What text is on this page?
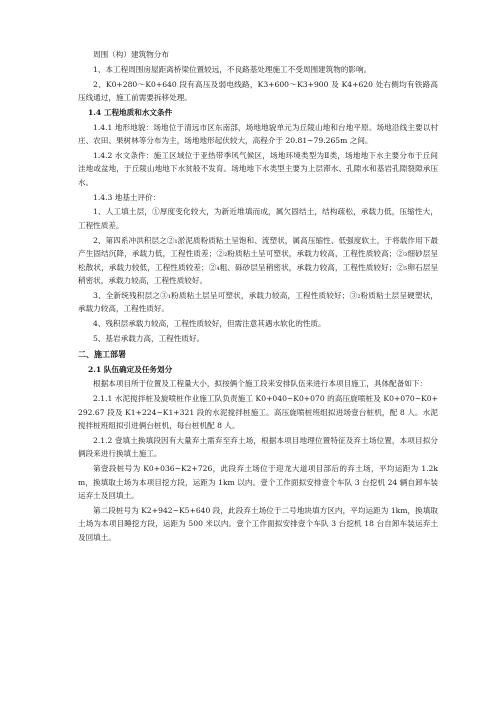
周围（构）建筑物分布

1、本工程周围房屋距离桥梁位置较远，不良路基处理施工不受周围建筑物的影响。

2、K0+280～K0+640 段有高压及弱电线路，K3+600～K3+900 及 K4+620 处右侧均有铁路高压线通过，施工前需要拆移处理。

1.4 工程地质和水文条件

1.4.1 地形地貌：场地位于清远市区东南部，场地地貌单元为丘陵山地和台地平原。场地沿线主要以村庄、农田、果树林等分布为主，场地地形起伏较大，高程介于 20.81~79.265m 之间。

1.4.2 水文条件：施工区域位于亚热带季风气候区，场地环境类型为Ⅱ类，场地地下水主要分布于丘间洼地或盆地，于丘陵山地地下水贫般不发育。场地地下水类型主要为上层滞水、孔隙水和基岩孔隙裂隙承压水。

1.4.3 地基土评价：

1、人工填土层，①厚度变化较大，为新近堆填而成，属欠固结土，结构疏松，承载力低，压缩性大，工程性质差。

2、第四系冲洪积层之②₁淤泥质粉质粘土呈饱和、流塑状，属高压缩性、低强度软土，于将载作用下最产生固结沉降，承载力低，工程性质差；②₂粉质粘土呈可塑状，承载力较高，工程性质较高；②₃细砂层呈松散状，承载力较低，工程性质较差；②₄粗、砾砂层呈稍密状，承载力较高，工程性质较好；②₅卵石层呈稍密状，承载力较高，工程性质较好。

3、全新统残积层之③₁粉质粘土层呈可塑状，承载力较高，工程性质较好；③₂粉质粘土层呈硬塑状，承载力较高，工程性质好。

4、残积层承载力较高，工程性质较好，但需注意其遇水软化的性质。

5、基岩承载力高，工程性质好。

二、施工部署

2.1 队伍确定及任务划分

根据本项目所于位置及工程量大小，拟按俩个施工段来安排队伍来进行本项目施工，具体配备如下：

2.1.1 水泥搅拌桩及旋喷桩作业施工队负责施工 K0+040~K0+070 的高压旋喷桩及 K0+070~K0+292.67 段及 K1+224~K1+321 段的水泥搅拌桩施工。高压旋喷桩班组拟进场壹台桩机，配 8 人。水泥搅拌桩班组拟引进俩台桩机，每台桩机配 8 人。

2.1.2 壹填土换填段因有大量弃土需弃至弃土场，根据本项目地理位置特征及弃土场位置，本项目拟分俩段来进行换填土施工。

第壹段桩号为 K0+036~K2+726，此段弃土场位于迎龙大道项目部后的弃土场，平均运距为 1.2km，换填取土场为本项目挖方段，运距为 1km 以内。壹个工作面拟安排壹个车队 3 台挖机 24 辆自卸车装运弃土及回填土。

第二段桩号为 K2+942~K5+640 段，此段弃土场位于二号地块填方区内，平均运距为 1km，换填取土场为本项目睡挖方段，运距为 500 米以内。壹个工作面拟安排壹个车队 3 台挖机 18 台自卸车装运弃土及回填土。
